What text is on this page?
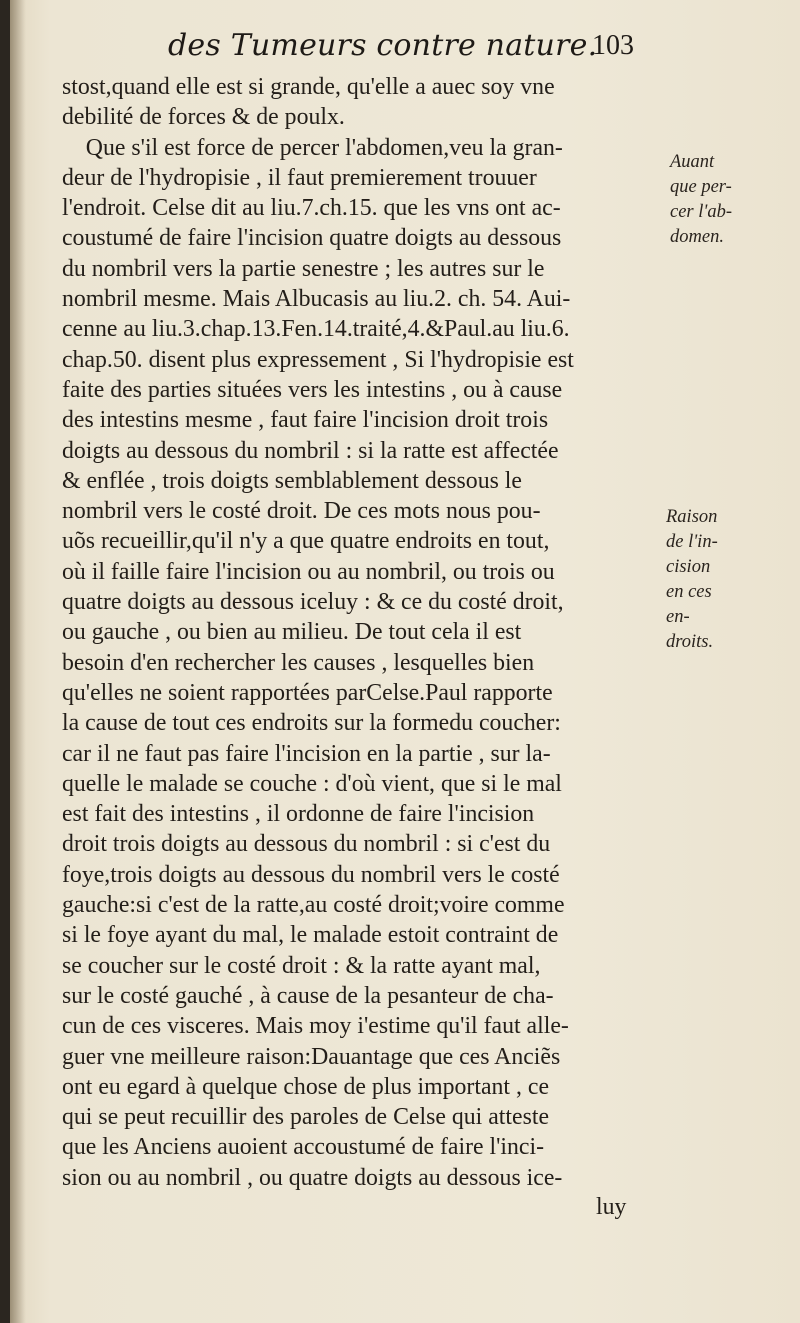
des Tumeurs contre nature.
103
stost,quand elle est si grande, qu'elle a auec soy vne
debilité de forces & de poulx.
Que s'il est force de percer l'abdomen,veu la gran-
deur de l'hydropisie , il faut premierement trouuer
l'endroit. Celse dit au liu.7.ch.15. que les vns ont ac-
coustumé de faire l'incision quatre doigts au dessous
du nombril vers la partie senestre ; les autres sur le
nombril mesme. Mais Albucasis au liu.2. ch. 54. Aui-
cenne au liu.3.chap.13.Fen.14.traité,4.&Paul.au liu.6.
chap.50. disent plus expressement , Si l'hydropisie est
faite des parties situées vers les intestins , ou à cause
des intestins mesme , faut faire l'incision droit trois
doigts au dessous du nombril : si la ratte est affectée
& enflée , trois doigts semblablement dessous le
nombril vers le costé droit. De ces mots nous pou-
uõs recueillir,qu'il n'y a que quatre endroits en tout,
où il faille faire l'incision ou au nombril, ou trois ou
quatre doigts au dessous iceluy : & ce du costé droit,
ou gauche , ou bien au milieu. De tout cela il est
besoin d'en rechercher les causes , lesquelles bien
qu'elles ne soient rapportées parCelse.Paul rapporte
la cause de tout ces endroits sur la formedu coucher:
car il ne faut pas faire l'incision en la partie , sur la-
quelle le malade se couche : d'où vient, que si le mal
est fait des intestins , il ordonne de faire l'incision
droit trois doigts au dessous du nombril : si c'est du
foye,trois doigts au dessous du nombril vers le costé
gauche:si c'est de la ratte,au costé droit;voire comme
si le foye ayant du mal, le malade estoit contraint de
se coucher sur le costé droit : & la ratte ayant mal,
sur le costé gauché , à cause de la pesanteur de cha-
cun de ces visceres. Mais moy i'estime qu'il faut alle-
guer vne meilleure raison:Dauantage que ces Anciẽs
ont eu egard à quelque chose de plus important , ce
qui se peut recuillir des paroles de Celse qui atteste
que les Anciens auoient accoustumé de faire l'inci-
sion ou au nombril , ou quatre doigts au dessous ice-
luy
Auant
que per-
cer l'ab-
domen.
Raison
de l'in-
cision
en ces
en-
droits.
